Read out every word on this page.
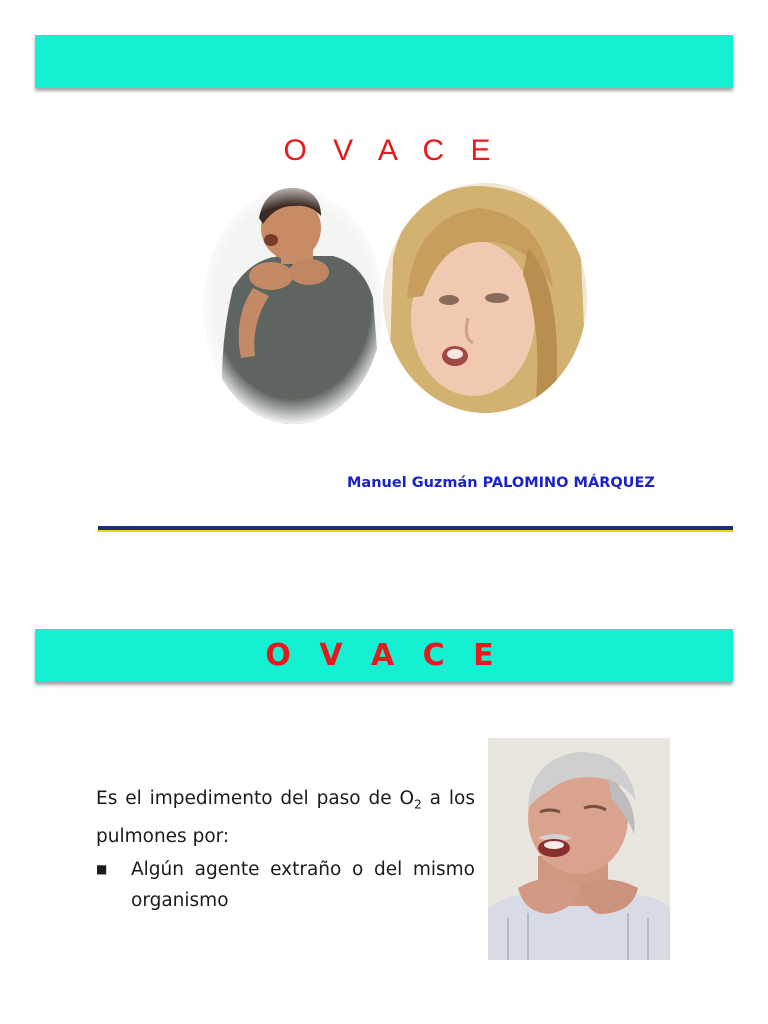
O V A C E
Manuel Guzmán PALOMINO MÁRQUEZ
O V A C E

Es el impedimento del paso de $O_2$ a los pulmones por:

■	Algún agente extraño o del mismo organismo
